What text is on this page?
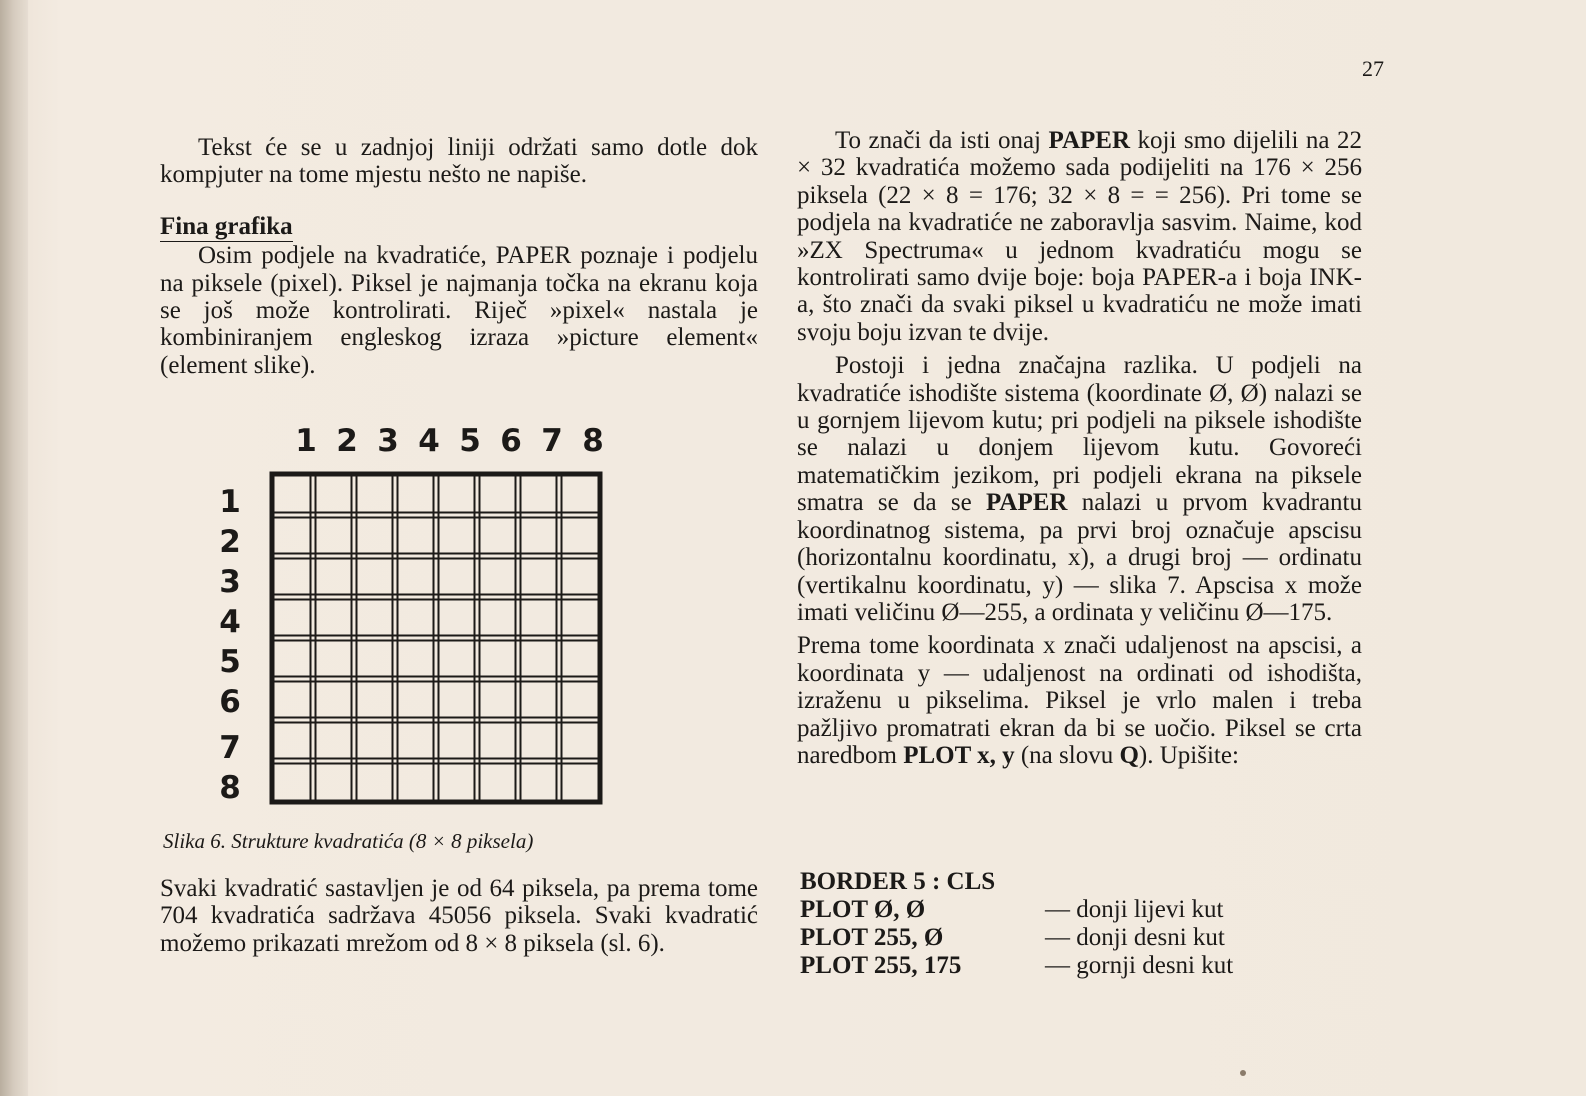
27

Tekst će se u zadnjoj liniji održati samo dotle dok kompjuter na tome mjestu nešto ne napiše.

Fina grafika

Osim podjele na kvadratiće, PAPER poznaje i podjelu na piksele (pixel). Piksel je najmanja točka na ekranu koja se još može kontrolirati. Riječ »pixel« nastala je kombiniranjem engleskog izraza »picture element« (element slike).

1 2 3 4 5 6 7 8
1
2
3
4
5
6
7
8
Slika 6. Strukture kvadratića (8 × 8 piksela)
Svaki kvadratić sastavljen je od 64 piksela, pa prema tome 704 kvadratića sadržava 45056 piksela. Svaki kvadratić možemo prikazati mrežom od 8 × 8 piksela (sl. 6).

To znači da isti onaj PAPER koji smo dijelili na 22 × 32 kvadratića možemo sada podijeliti na 176 × 256 piksela (22 × 8 = 176; 32 × 8 = = 256). Pri tome se podjela na kvadratiće ne zaboravlja sasvim. Naime, kod »ZX Spectruma« u jednom kvadratiću mogu se kontrolirati samo dvije boje: boja PAPER-a i boja INK-a, što znači da svaki piksel u kvadratiću ne može imati svoju boju izvan te dvije.

Postoji i jedna značajna razlika. U podjeli na kvadratiće ishodište sistema (koordinate Ø, Ø) nalazi se u gornjem lijevom kutu; pri podjeli na piksele ishodište se nalazi u donjem lijevom kutu. Govoreći matematičkim jezikom, pri podjeli ekrana na piksele smatra se da se PAPER nalazi u prvom kvadrantu koordinatnog sistema, pa prvi broj označuje apscisu (horizontalnu koordinatu, x), a drugi broj — ordinatu (vertikalnu koordinatu, y) — slika 7. Apscisa x može imati veličinu Ø—255, a ordinata y veličinu Ø—175.

Prema tome koordinata x znači udaljenost na apscisi, a koordinata y — udaljenost na ordinati od ishodišta, izraženu u pikselima. Piksel je vrlo malen i treba pažljivo promatrati ekran da bi se uočio. Piksel se crta naredbom PLOT x, y (na slovu Q). Upišite:

BORDER 5 : CLS
PLOT Ø, Ø	— donji lijevi kut
PLOT 255, Ø	— donji desni kut
PLOT 255, 175	— gornji desni kut
